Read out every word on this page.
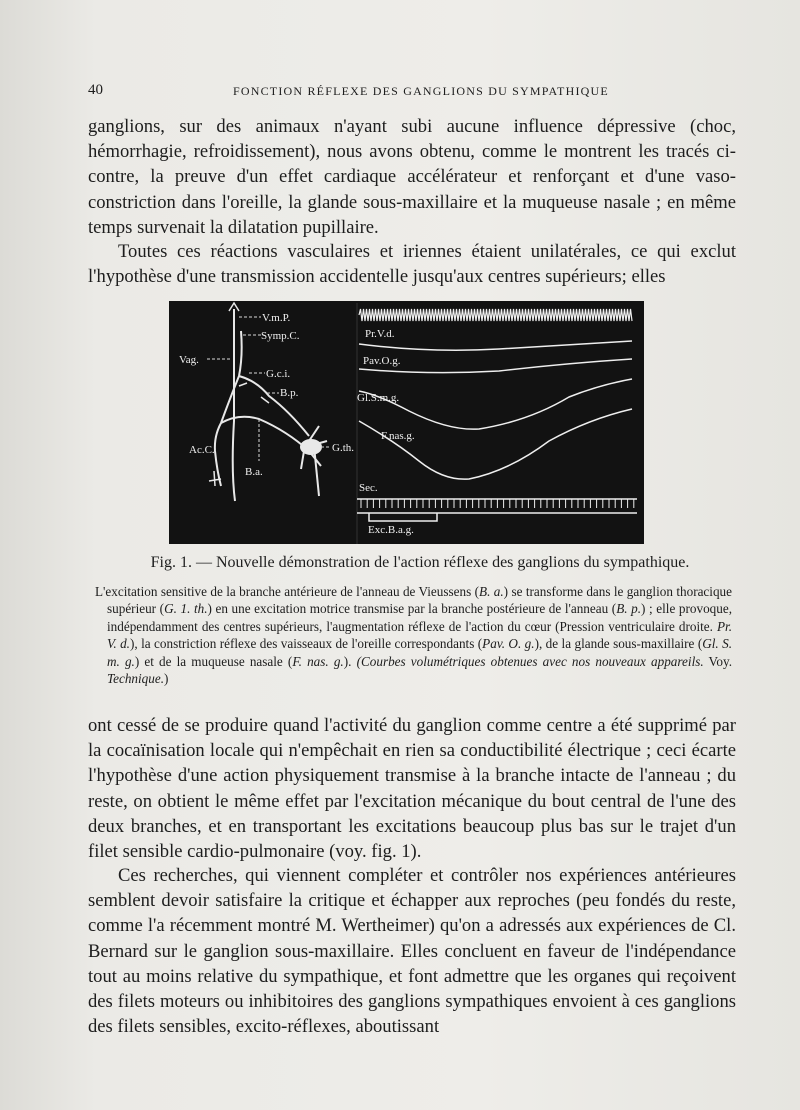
40	FONCTION RÉFLEXE DES GANGLIONS DU SYMPATHIQUE

ganglions, sur des animaux n'ayant subi aucune influence dépressive (choc, hémorrhagie, refroidissement), nous avons obtenu, comme le montrent les tracés ci-contre, la preuve d'un effet cardiaque accélérateur et renforçant et d'une vaso-constriction dans l'oreille, la glande sous-maxillaire et la muqueuse nasale ; en même temps survenait la dilatation pupillaire.

Toutes ces réactions vasculaires et iriennes étaient unilatérales, ce qui exclut l'hypothèse d'une transmission accidentelle jusqu'aux centres supérieurs; elles

V.m.P.
Symp.C.
Vag.
G.c.i.
B.p.
Ac.C.
B.a.
G.th.
Pr.V.d.
Pav.O.g.
Gl.S.m.g.
F.nas.g.
Sec.
Exc.B.a.g.
Fig. 1. — Nouvelle démonstration de l'action réflexe des ganglions du sympathique.

L'excitation sensitive de la branche antérieure de l'anneau de Vieussens (B. a.) se transforme dans le ganglion thoracique supérieur (G. 1. th.) en une excitation motrice transmise par la branche postérieure de l'anneau (B. p.) ; elle provoque, indépendamment des centres supérieurs, l'augmentation réflexe de l'action du cœur (Pression ventriculaire droite. Pr. V. d.), la constriction réflexe des vaisseaux de l'oreille correspondants (Pav. O. g.), de la glande sous-maxillaire (Gl. S. m. g.) et de la muqueuse nasale (F. nas. g.). (Courbes volumétriques obtenues avec nos nouveaux appareils. Voy. Technique.)

ont cessé de se produire quand l'activité du ganglion comme centre a été supprimé par la cocaïnisation locale qui n'empêchait en rien sa conductibilité électrique ; ceci écarte l'hypothèse d'une action physiquement transmise à la branche intacte de l'anneau ; du reste, on obtient le même effet par l'excitation mécanique du bout central de l'une des deux branches, et en transportant les excitations beaucoup plus bas sur le trajet d'un filet sensible cardio-pulmonaire (voy. fig. 1).

Ces recherches, qui viennent compléter et contrôler nos expériences antérieures semblent devoir satisfaire la critique et échapper aux reproches (peu fondés du reste, comme l'a récemment montré M. Wertheimer) qu'on a adressés aux expériences de Cl. Bernard sur le ganglion sous-maxillaire. Elles concluent en faveur de l'indépendance tout au moins relative du sympathique, et font admettre que les organes qui reçoivent des filets moteurs ou inhibitoires des ganglions sympathiques envoient à ces ganglions des filets sensibles, excito-réflexes, aboutissant
